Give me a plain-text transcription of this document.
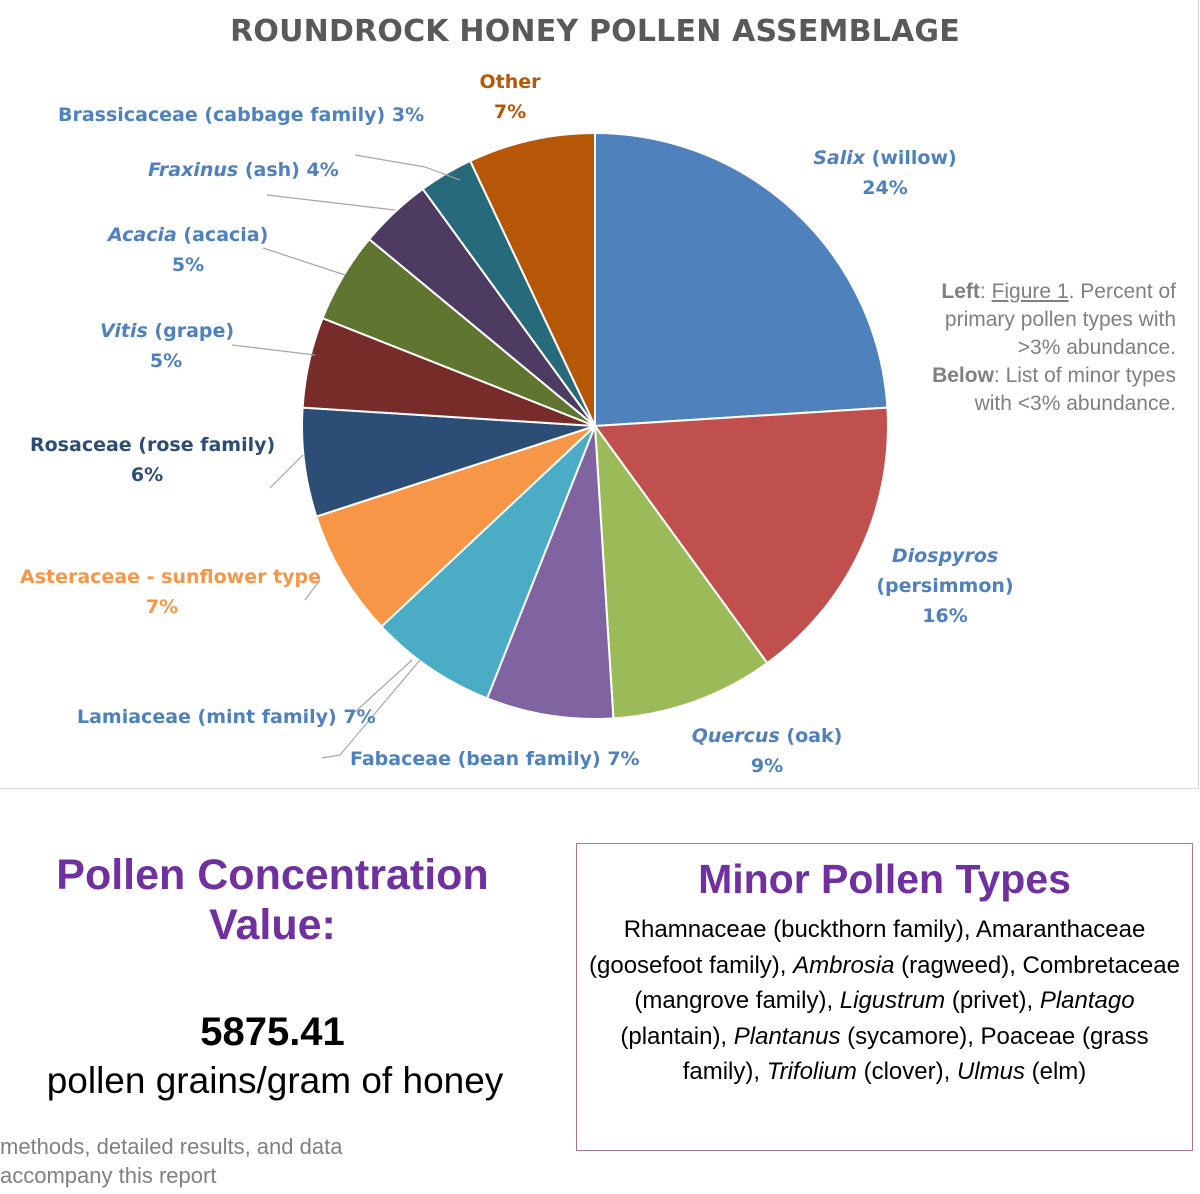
ROUNDROCK HONEY POLLEN ASSEMBLAGE
Salix (willow)
24%
Diospyros
(persimmon)
16%
Quercus (oak)
9%
Fabaceae (bean family) 7%
Lamiaceae (mint family) 7%
Asteraceae - sunflower type
7%
Rosaceae (rose family)
6%
Vitis (grape)
5%
Acacia (acacia)
5%
Fraxinus (ash) 4%
Brassicaceae (cabbage family) 3%
Other
7%
Left: Figure 1. Percent of primary pollen types with >3% abundance.
Below: List of minor types with <3% abundance.
Pollen Concentration Value:
5875.41
pollen grains/gram of honey
methods, detailed results, and data accompany this report
Minor Pollen Types
Rhamnaceae (buckthorn family), Amaranthaceae (goosefoot family), Ambrosia (ragweed), Combretaceae (mangrove family), Ligustrum (privet), Plantago (plantain), Plantanus (sycamore), Poaceae (grass family), Trifolium (clover), Ulmus (elm)
